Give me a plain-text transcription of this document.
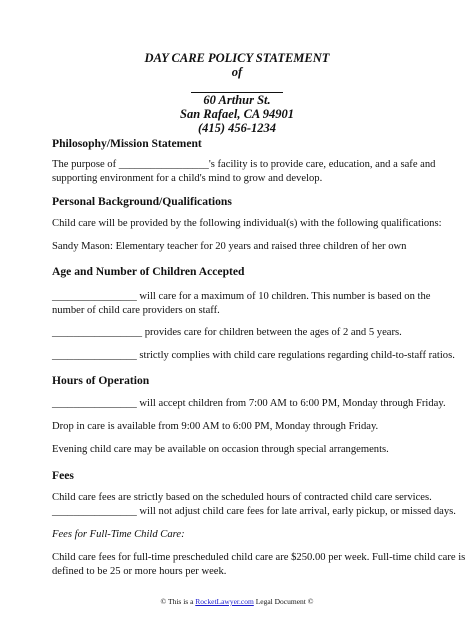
DAY CARE POLICY STATEMENT
of
60 Arthur St.
San Rafael, CA 94901
(415) 456-1234
Philosophy/Mission Statement
The purpose of _________________'s facility is to provide care, education, and a safe and
supporting environment for a child's mind to grow and develop.
Personal Background/Qualifications
Child care will be provided by the following individual(s) with the following qualifications:
Sandy Mason: Elementary teacher for 20 years and raised three children of her own
Age and Number of Children Accepted
________________ will care for a maximum of 10 children. This number is based on the
number of child care providers on staff.
_________________ provides care for children between the ages of 2 and 5 years.
________________ strictly complies with child care regulations regarding child-to-staff ratios.
Hours of Operation
________________ will accept children from 7:00 AM to 6:00 PM, Monday through Friday.
Drop in care is available from 9:00 AM to 6:00 PM, Monday through Friday.
Evening child care may be available on occasion through special arrangements.
Fees
Child care fees are strictly based on the scheduled hours of contracted child care services.
________________ will not adjust child care fees for late arrival, early pickup, or missed days.
Fees for Full-Time Child Care:
Child care fees for full-time prescheduled child care are $250.00 per week. Full-time child care is
defined to be 25 or more hours per week.
© This is a RocketLawyer.com Legal Document ©
